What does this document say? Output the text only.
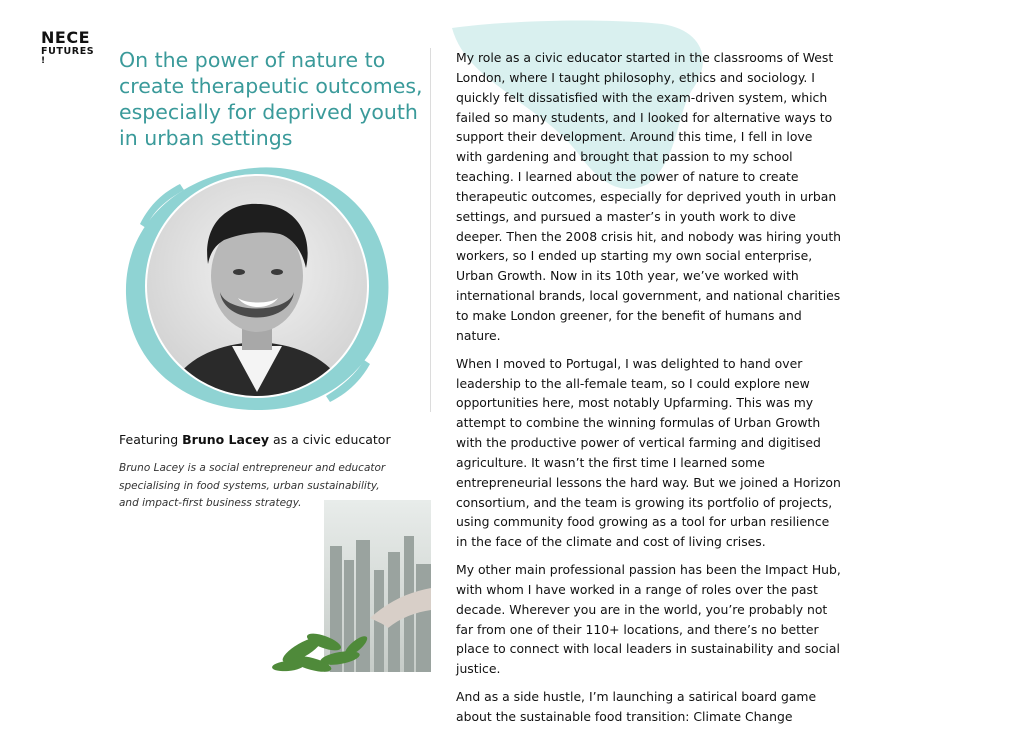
NECE
FUTURES
!	On the power of nature to create therapeutic outcomes, especially for deprived youth in urban settings

Featuring Bruno Lacey as a civic educator

Bruno Lacey is a social entrepreneur and educator specialising in food systems, urban sustainability, and impact-first business strategy.

My role as a civic educator started in the classrooms of West London, where I taught philosophy, ethics and sociology. I quickly felt dissatisfied with the exam-driven system, which failed so many students, and I looked for alternative ways to support their development. Around this time, I fell in love with gardening and brought that passion to my school teaching. I learned about the power of nature to create therapeutic outcomes, especially for deprived youth in urban settings, and pursued a master’s in youth work to dive deeper. Then the 2008 crisis hit, and nobody was hiring youth workers, so I ended up starting my own social enterprise, Urban Growth. Now in its 10th year, we’ve worked with international brands, local government, and national charities to make London greener, for the benefit of humans and nature.

When I moved to Portugal, I was delighted to hand over leadership to the all-female team, so I could explore new opportunities here, most notably Upfarming. This was my attempt to combine the winning formulas of Urban Growth with the productive power of vertical farming and digitised agriculture. It wasn’t the first time I learned some entrepreneurial lessons the hard way. But we joined a Horizon consortium, and the team is growing its portfolio of projects, using community food growing as a tool for urban resilience in the face of the climate and cost of living crises.

My other main professional passion has been the Impact Hub, with whom I have worked in a range of roles over the past decade. Wherever you are in the world, you’re probably not far from one of their 110+ locations, and there’s no better place to connect with local leaders in sustainability and social justice.

And as a side hustle, I’m launching a satirical board game about the sustainable food transition: Climate Change
